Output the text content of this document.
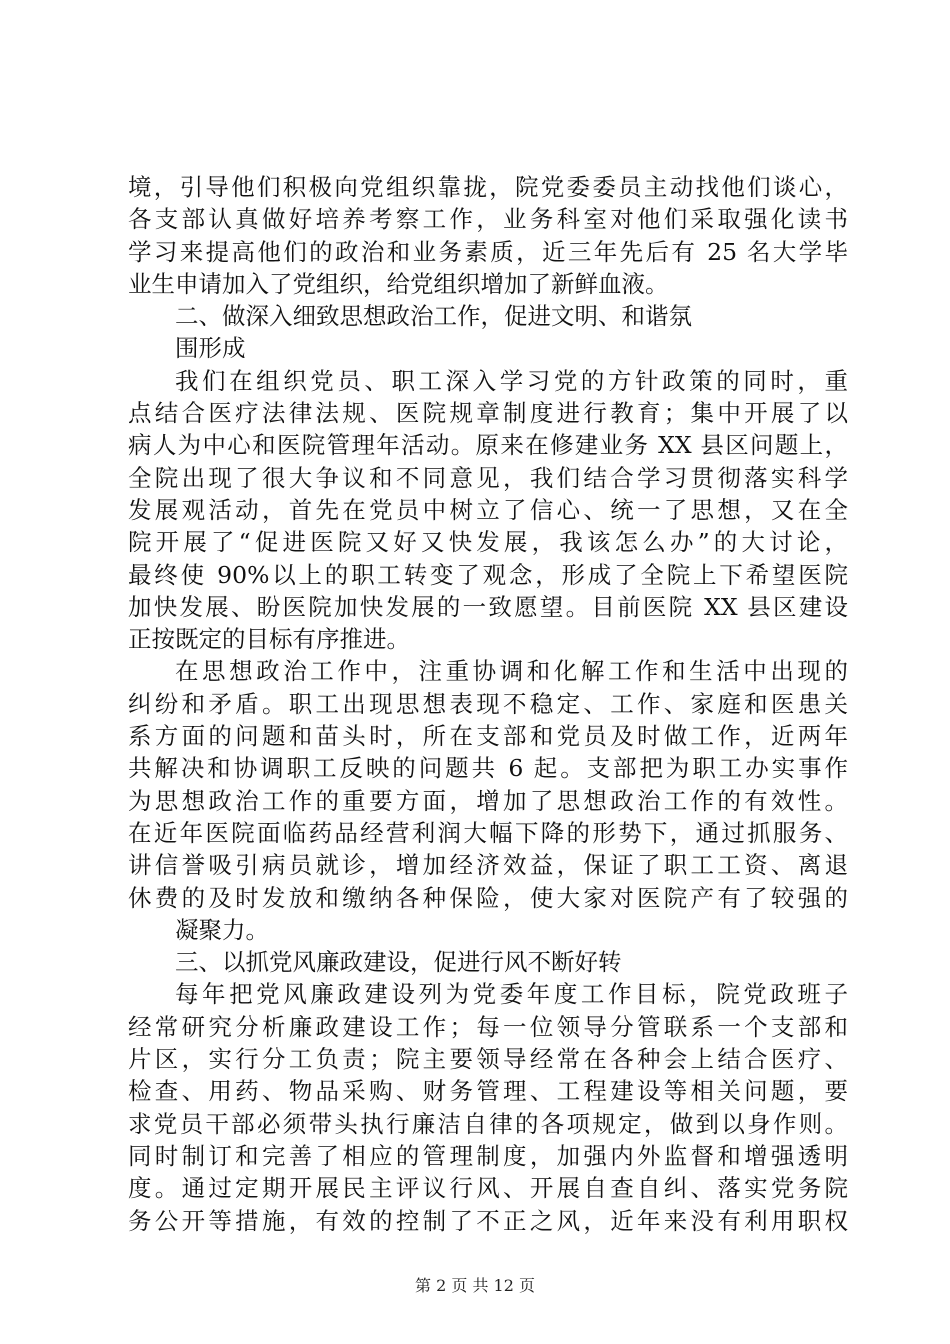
境，引导他们积极向党组织靠拢，院党委委员主动找他们谈心，
各支部认真做好培养考察工作，业务科室对他们采取强化读书
学习来提高他们的政治和业务素质，近三年先后有 25 名大学毕
业生申请加入了党组织，给党组织增加了新鲜血液。
二、做深入细致思想政治工作，促进文明、和谐氛
围形成
我们在组织党员、职工深入学习党的方针政策的同时，重
点结合医疗法律法规、医院规章制度进行教育；集中开展了以
病人为中心和医院管理年活动。原来在修建业务 XX 县区问题上，
全院出现了很大争议和不同意见，我们结合学习贯彻落实科学
发展观活动，首先在党员中树立了信心、统一了思想，又在全
院开展了“促进医院又好又快发展，我该怎么办”的大讨论，
最终使 90%以上的职工转变了观念，形成了全院上下希望医院
加快发展、盼医院加快发展的一致愿望。目前医院 XX 县区建设
正按既定的目标有序推进。
在思想政治工作中，注重协调和化解工作和生活中出现的
纠纷和矛盾。职工出现思想表现不稳定、工作、家庭和医患关
系方面的问题和苗头时，所在支部和党员及时做工作，近两年
共解决和协调职工反映的问题共 6 起。支部把为职工办实事作
为思想政治工作的重要方面，增加了思想政治工作的有效性。
在近年医院面临药品经营利润大幅下降的形势下，通过抓服务、
讲信誉吸引病员就诊，增加经济效益，保证了职工工资、离退
休费的及时发放和缴纳各种保险，使大家对医院产有了较强的
凝聚力。
三、以抓党风廉政建设，促进行风不断好转
每年把党风廉政建设列为党委年度工作目标，院党政班子
经常研究分析廉政建设工作；每一位领导分管联系一个支部和
片区，实行分工负责；院主要领导经常在各种会上结合医疗、
检查、用药、物品采购、财务管理、工程建设等相关问题，要
求党员干部必须带头执行廉洁自律的各项规定，做到以身作则。
同时制订和完善了相应的管理制度，加强内外监督和增强透明
度。通过定期开展民主评议行风、开展自查自纠、落实党务院
务公开等措施，有效的控制了不正之风，近年来没有利用职权
第 2 页 共 12 页
